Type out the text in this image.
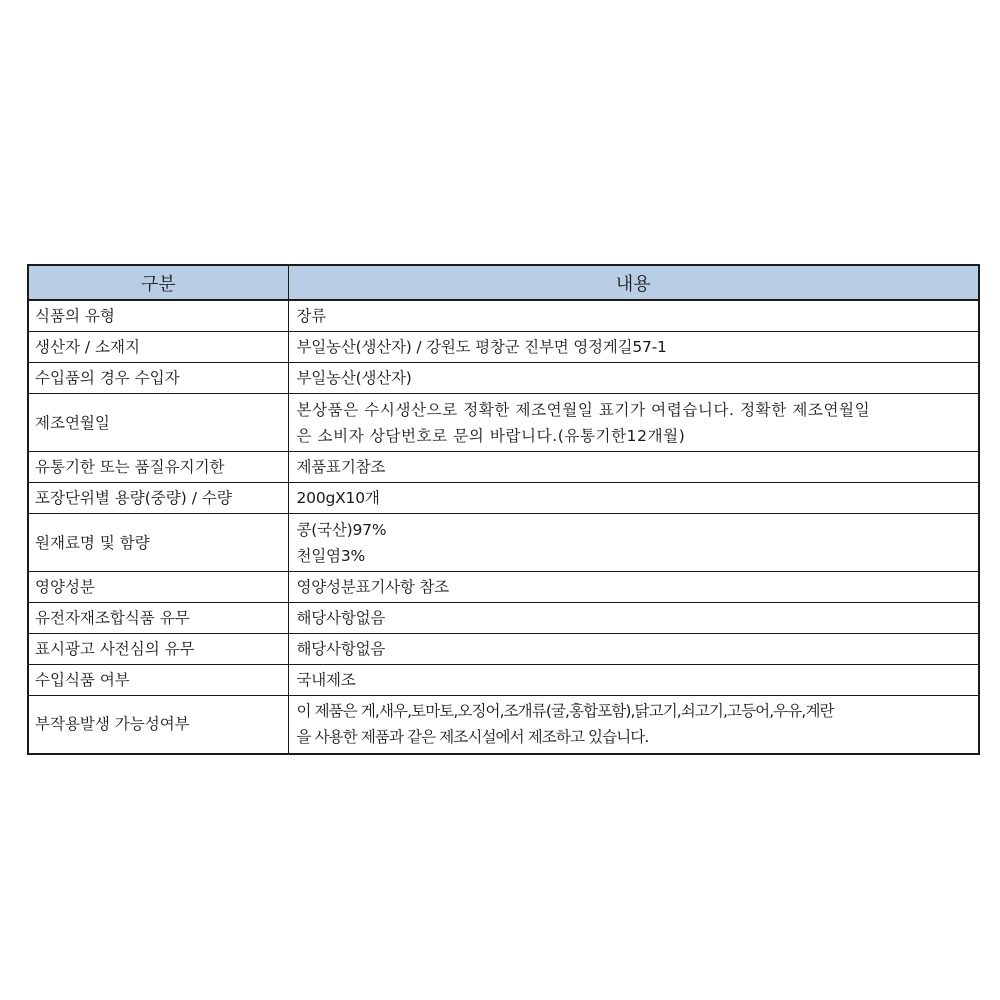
구분	내용
식품의 유형	장류

생산자 / 소재지	부일농산(생산자) / 강원도 평창군 진부면 영정게길57-1

수입품의 경우 수입자	부일농산(생산자)

제조연월일	본상품은 수시생산으로 정확한 제조연월일 표기가 여렵습니다. 정확한 제조연월일
은 소비자 상담번호로 문의 바랍니다.(유통기한12개월)

유통기한 또는 품질유지기한	제품표기참조

포장단위별 용량(중량) / 수량	200gX10개

원재료명 및 함량	콩(국산)97%
천일염3%

영양성분	영양성분표기사항 참조

유전자재조합식품 유무	해당사항없음

표시광고 사전심의 유무	해당사항없음

수입식품 여부	국내제조

부작용발생 가능성여부	이 제품은 게,새우,토마토,오징어,조개류(굴,홍합포함),닭고기,쇠고기,고등어,우유,계란
을 사용한 제품과 같은 제조시설에서 제조하고 있습니다.
